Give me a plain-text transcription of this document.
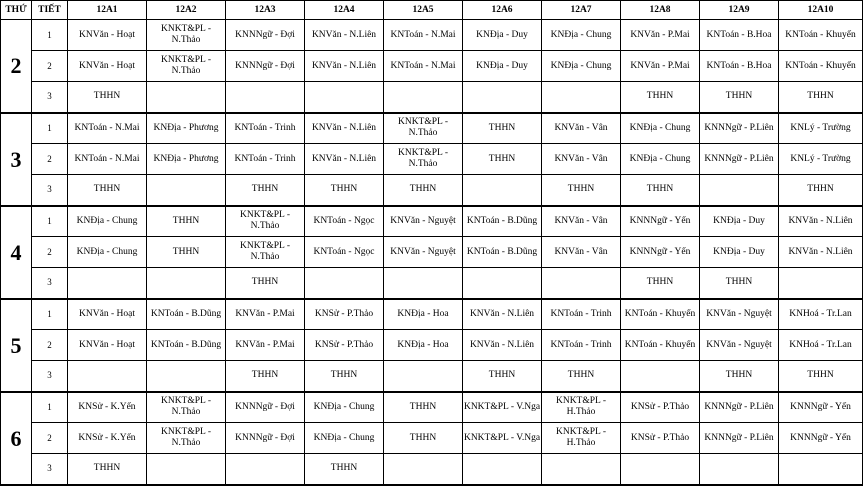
THỨ	TIẾT	12A1	12A2	12A3	12A4	12A5	12A6	12A7	12A8	12A9	12A10
2	1	KNVăn - Hoạt	KNKT&PL - N.Thảo	KNNNgữ - Đợi	KNVăn - N.Liên	KNToán - N.Mai	KNĐịa - Duy	KNĐịa - Chung	KNVăn - P.Mai	KNToán - B.Hoa	KNToán - Khuyến
	2	KNVăn - Hoạt	KNKT&PL - N.Thảo	KNNNgữ - Đợi	KNVăn - N.Liên	KNToán - N.Mai	KNĐịa - Duy	KNĐịa - Chung	KNVăn - P.Mai	KNToán - B.Hoa	KNToán - Khuyến
	3	THHN							THHN	THHN	THHN
3	1	KNToán - N.Mai	KNĐịa - Phương	KNToán - Trinh	KNVăn - N.Liên	KNKT&PL - N.Thảo	THHN	KNVăn - Vân	KNĐịa - Chung	KNNNgữ - P.Liên	KNLý - Trường
	2	KNToán - N.Mai	KNĐịa - Phương	KNToán - Trinh	KNVăn - N.Liên	KNKT&PL - N.Thảo	THHN	KNVăn - Vân	KNĐịa - Chung	KNNNgữ - P.Liên	KNLý - Trường
	3	THHN		THHN	THHN	THHN		THHN	THHN		THHN
4	1	KNĐịa - Chung	THHN	KNKT&PL - N.Thảo	KNToán - Ngọc	KNVăn - Nguyệt	KNToán - B.Dũng	KNVăn - Vân	KNNNgữ - Yến	KNĐịa - Duy	KNVăn - N.Liên
	2	KNĐịa - Chung	THHN	KNKT&PL - N.Thảo	KNToán - Ngọc	KNVăn - Nguyệt	KNToán - B.Dũng	KNVăn - Vân	KNNNgữ - Yến	KNĐịa - Duy	KNVăn - N.Liên
	3			THHN					THHN	THHN	
5	1	KNVăn - Hoạt	KNToán - B.Dũng	KNVăn - P.Mai	KNSử - P.Thảo	KNĐịa - Hoa	KNVăn - N.Liên	KNToán - Trinh	KNToán - Khuyến	KNVăn - Nguyệt	KNHoá - Tr.Lan
	2	KNVăn - Hoạt	KNToán - B.Dũng	KNVăn - P.Mai	KNSử - P.Thảo	KNĐịa - Hoa	KNVăn - N.Liên	KNToán - Trinh	KNToán - Khuyến	KNVăn - Nguyệt	KNHoá - Tr.Lan
	3			THHN	THHN		THHN	THHN		THHN	THHN
6	1	KNSử - K.Yến	KNKT&PL - N.Thảo	KNNNgữ - Đợi	KNĐịa - Chung	THHN	KNKT&PL - V.Nga	KNKT&PL - H.Thảo	KNSử - P.Thảo	KNNNgữ - P.Liên	KNNNgữ - Yến
	2	KNSử - K.Yến	KNKT&PL - N.Thảo	KNNNgữ - Đợi	KNĐịa - Chung	THHN	KNKT&PL - V.Nga	KNKT&PL - H.Thảo	KNSử - P.Thảo	KNNNgữ - P.Liên	KNNNgữ - Yến
	3	THHN			THHN						
